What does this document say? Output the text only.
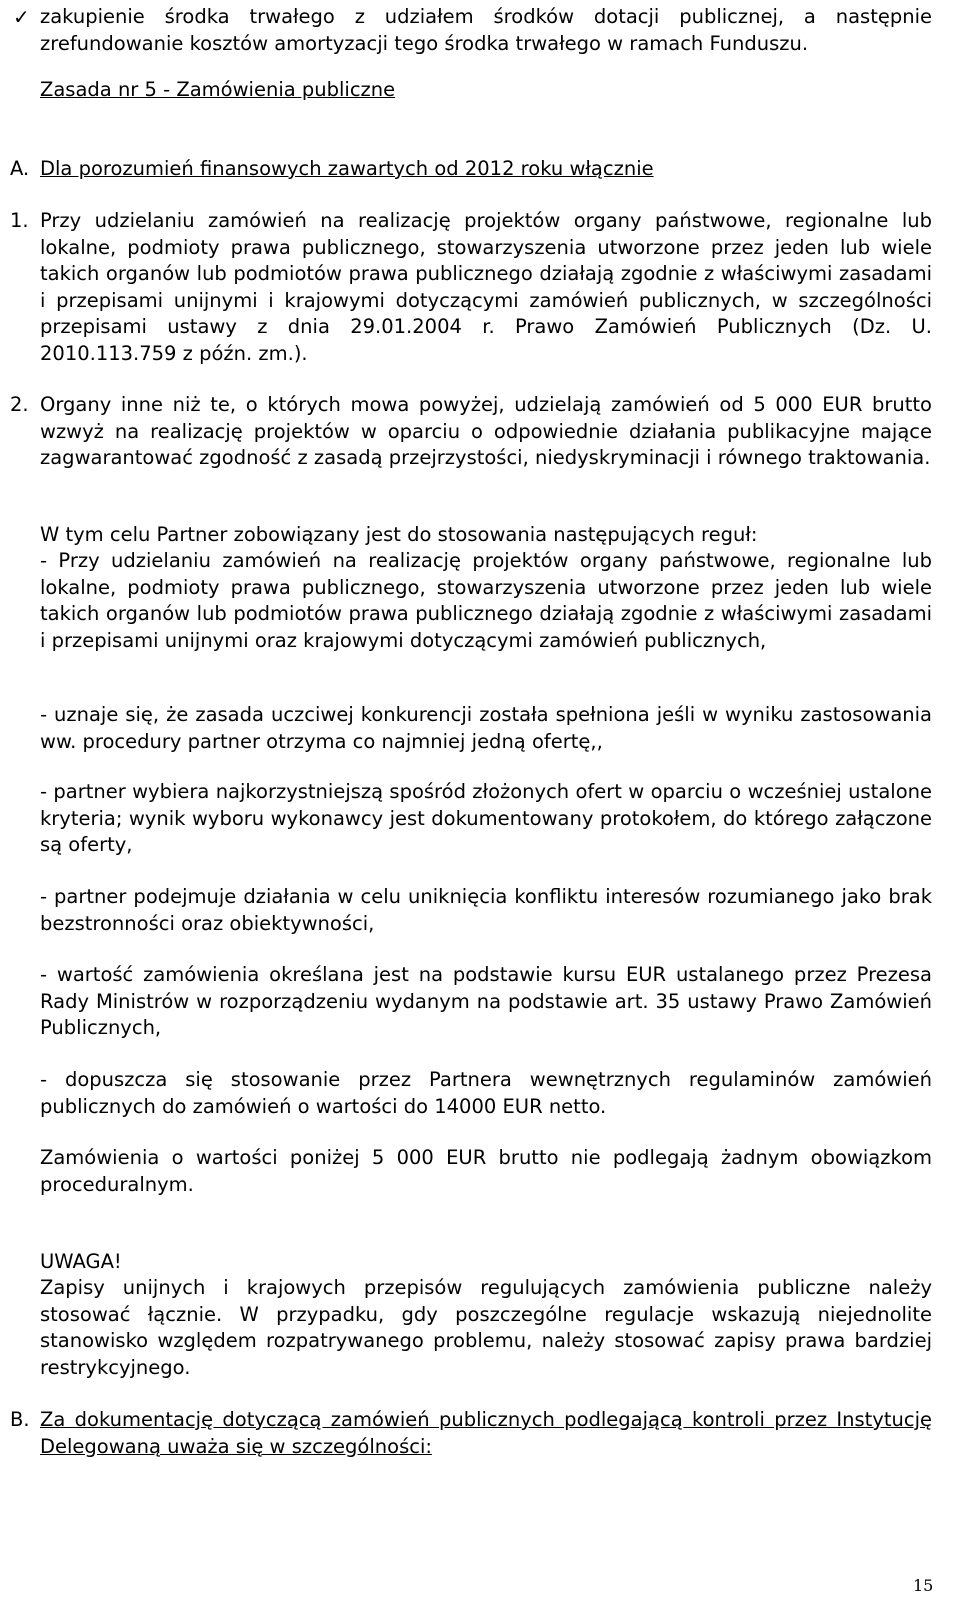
✓ zakupienie środka trwałego z udziałem środków dotacji publicznej, a następnie zrefundowanie kosztów amortyzacji tego środka trwałego w ramach Funduszu.
Zasada nr 5 - Zamówienia publiczne
A. Dla porozumień finansowych zawartych od 2012 roku włącznie
1. Przy udzielaniu zamówień na realizację projektów organy państwowe, regionalne lub lokalne, podmioty prawa publicznego, stowarzyszenia utworzone przez jeden lub wiele takich organów lub podmiotów prawa publicznego działają zgodnie z właściwymi zasadami i przepisami unijnymi i krajowymi dotyczącymi zamówień publicznych, w szczególności przepisami ustawy z dnia 29.01.2004 r. Prawo Zamówień Publicznych (Dz. U. 2010.113.759 z późn. zm.).
2. Organy inne niż te, o których mowa powyżej, udzielają zamówień od 5 000 EUR brutto wzwyż na realizację projektów w oparciu o odpowiednie działania publikacyjne mające zagwarantować zgodność z zasadą przejrzystości, niedyskryminacji i równego traktowania.
W tym celu Partner zobowiązany jest do stosowania następujących reguł:
- Przy udzielaniu zamówień na realizację projektów organy państwowe, regionalne lub lokalne, podmioty prawa publicznego, stowarzyszenia utworzone przez jeden lub wiele takich organów lub podmiotów prawa publicznego działają zgodnie z właściwymi zasadami i przepisami unijnymi oraz krajowymi dotyczącymi zamówień publicznych,
- uznaje się, że zasada uczciwej konkurencji została spełniona jeśli w wyniku zastosowania ww. procedury partner otrzyma co najmniej jedną ofertę,,
- partner wybiera najkorzystniejszą spośród złożonych ofert w oparciu o wcześniej ustalone kryteria; wynik wyboru wykonawcy jest dokumentowany protokołem, do którego załączone są oferty,
- partner podejmuje działania w celu uniknięcia konfliktu interesów rozumianego jako brak bezstronności oraz obiektywności,
- wartość zamówienia określana jest na podstawie kursu EUR ustalanego przez Prezesa Rady Ministrów w rozporządzeniu wydanym na podstawie art. 35 ustawy Prawo Zamówień Publicznych,
- dopuszcza się stosowanie przez Partnera wewnętrznych regulaminów zamówień publicznych do zamówień o wartości do 14000 EUR netto.
Zamówienia o wartości poniżej 5 000 EUR brutto nie podlegają żadnym obowiązkom proceduralnym.
UWAGA!
Zapisy unijnych i krajowych przepisów regulujących zamówienia publiczne należy stosować łącznie. W przypadku, gdy poszczególne regulacje wskazują niejednolite stanowisko względem rozpatrywanego problemu, należy stosować zapisy prawa bardziej restrykcyjnego.
B. Za dokumentację dotyczącą zamówień publicznych podlegającą kontroli przez Instytucję Delegowaną uważa się w szczególności:
15
